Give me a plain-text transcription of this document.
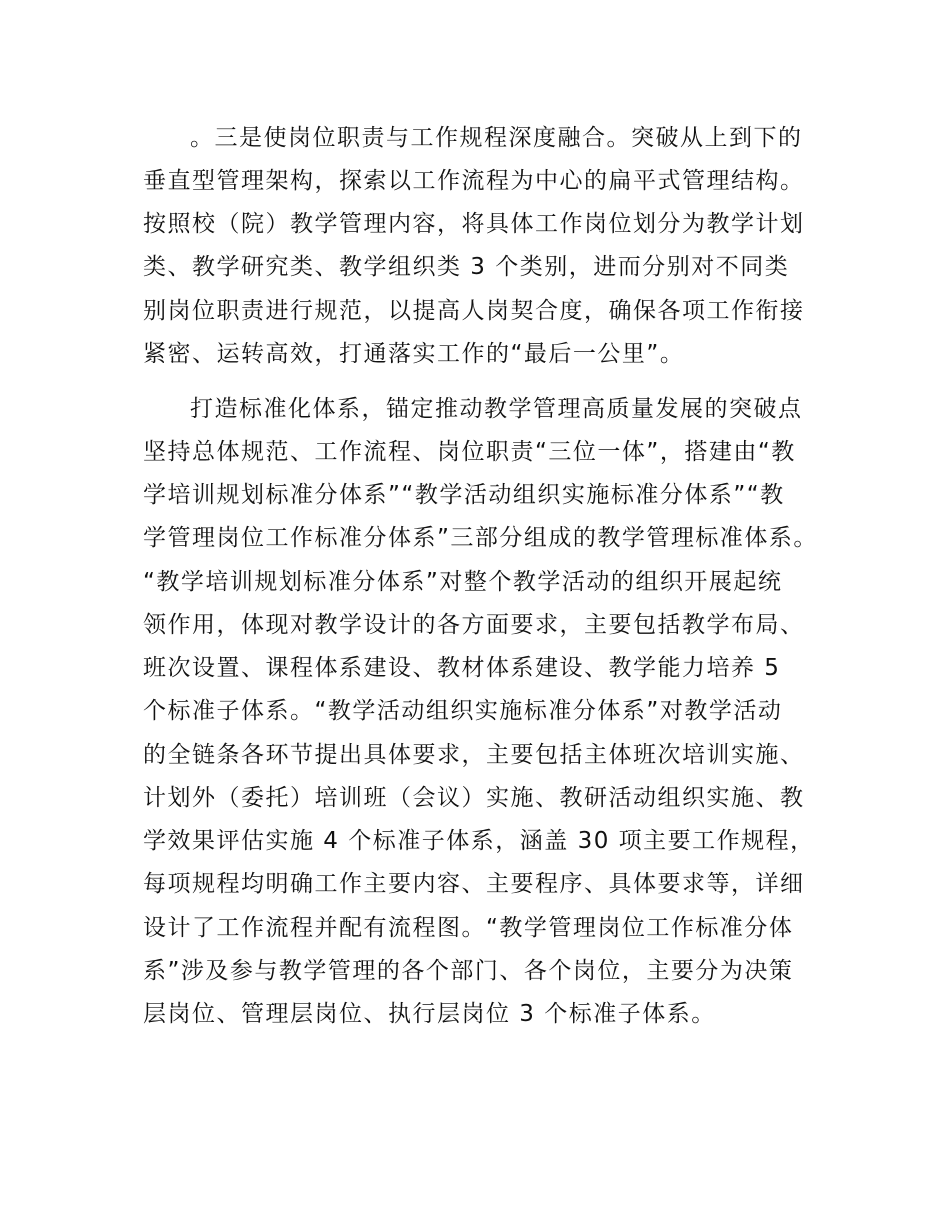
。三是使岗位职责与工作规程深度融合。突破从上到下的
垂直型管理架构，探索以工作流程为中心的扁平式管理结构。
按照校（院）教学管理内容，将具体工作岗位划分为教学计划
类、教学研究类、教学组织类 3 个类别，进而分别对不同类
别岗位职责进行规范，以提高人岗契合度，确保各项工作衔接
紧密、运转高效，打通落实工作的“最后一公里”。
打造标准化体系，锚定推动教学管理高质量发展的突破点
坚持总体规范、工作流程、岗位职责“三位一体”，搭建由“教
学培训规划标准分体系”“教学活动组织实施标准分体系”“教
学管理岗位工作标准分体系”三部分组成的教学管理标准体系。
“教学培训规划标准分体系”对整个教学活动的组织开展起统
领作用，体现对教学设计的各方面要求，主要包括教学布局、
班次设置、课程体系建设、教材体系建设、教学能力培养 5
个标准子体系。“教学活动组织实施标准分体系”对教学活动
的全链条各环节提出具体要求，主要包括主体班次培训实施、
计划外（委托）培训班（会议）实施、教研活动组织实施、教
学效果评估实施 4 个标准子体系，涵盖 30 项主要工作规程，
每项规程均明确工作主要内容、主要程序、具体要求等，详细
设计了工作流程并配有流程图。“教学管理岗位工作标准分体
系”涉及参与教学管理的各个部门、各个岗位，主要分为决策
层岗位、管理层岗位、执行层岗位 3 个标准子体系。
